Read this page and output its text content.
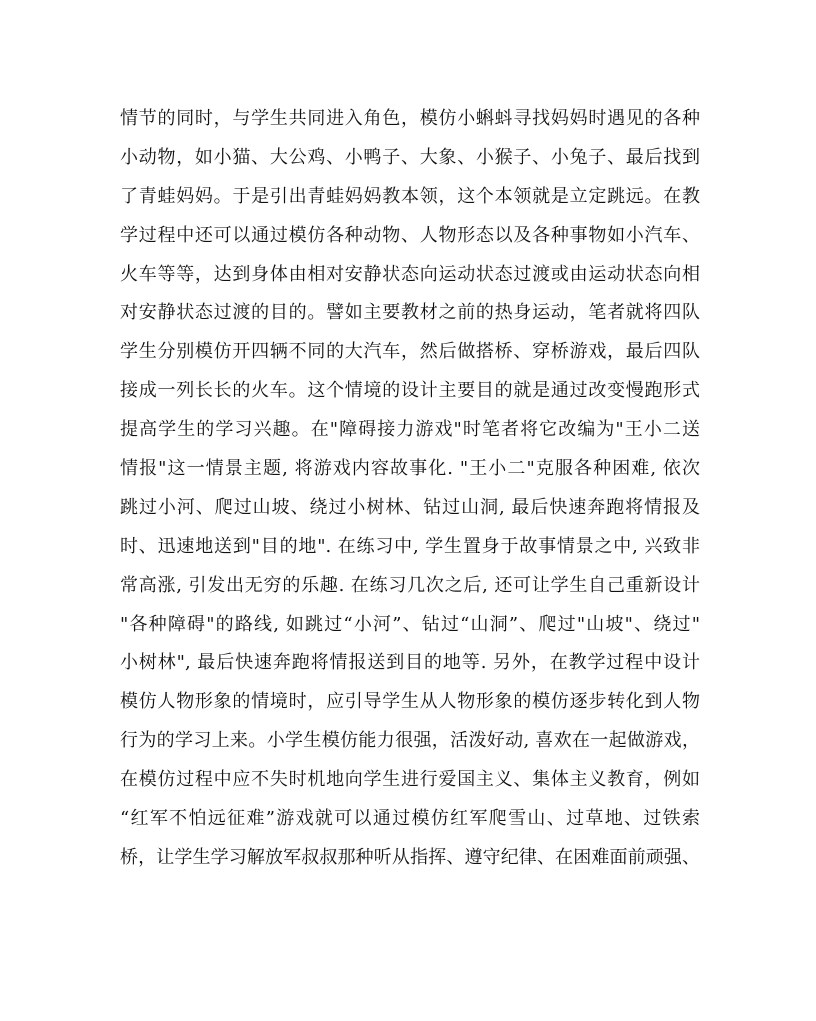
情节的同时，与学生共同进入角色，模仿小蝌蚪寻找妈妈时遇见的各种
小动物，如小猫、大公鸡、小鸭子、大象、小猴子、小兔子、最后找到
了青蛙妈妈。于是引出青蛙妈妈教本领，这个本领就是立定跳远。在教
学过程中还可以通过模仿各种动物、人物形态以及各种事物如小汽车、
火车等等，达到身体由相对安静状态向运动状态过渡或由运动状态向相
对安静状态过渡的目的。譬如主要教材之前的热身运动，笔者就将四队
学生分别模仿开四辆不同的大汽车，然后做搭桥、穿桥游戏，最后四队
接成一列长长的火车。这个情境的设计主要目的就是通过改变慢跑形式
提高学生的学习兴趣。在"障碍接力游戏"时笔者将它改编为"王小二送
情报"这一情景主题, 将游戏内容故事化. "王小二"克服各种困难, 依次
跳过小河、爬过山坡、绕过小树林、钻过山洞, 最后快速奔跑将情报及
时、迅速地送到"目的地". 在练习中, 学生置身于故事情景之中, 兴致非
常高涨, 引发出无穷的乐趣. 在练习几次之后, 还可让学生自己重新设计
"各种障碍"的路线, 如跳过“小河”、钻过“山洞”、爬过"山坡"、绕过"
小树林", 最后快速奔跑将情报送到目的地等. 另外，在教学过程中设计
模仿人物形象的情境时，应引导学生从人物形象的模仿逐步转化到人物
行为的学习上来。小学生模仿能力很强，活泼好动, 喜欢在一起做游戏，
在模仿过程中应不失时机地向学生进行爱国主义、集体主义教育，例如
“红军不怕远征难”游戏就可以通过模仿红军爬雪山、过草地、过铁索
桥，让学生学习解放军叔叔那种听从指挥、遵守纪律、在困难面前顽强、
